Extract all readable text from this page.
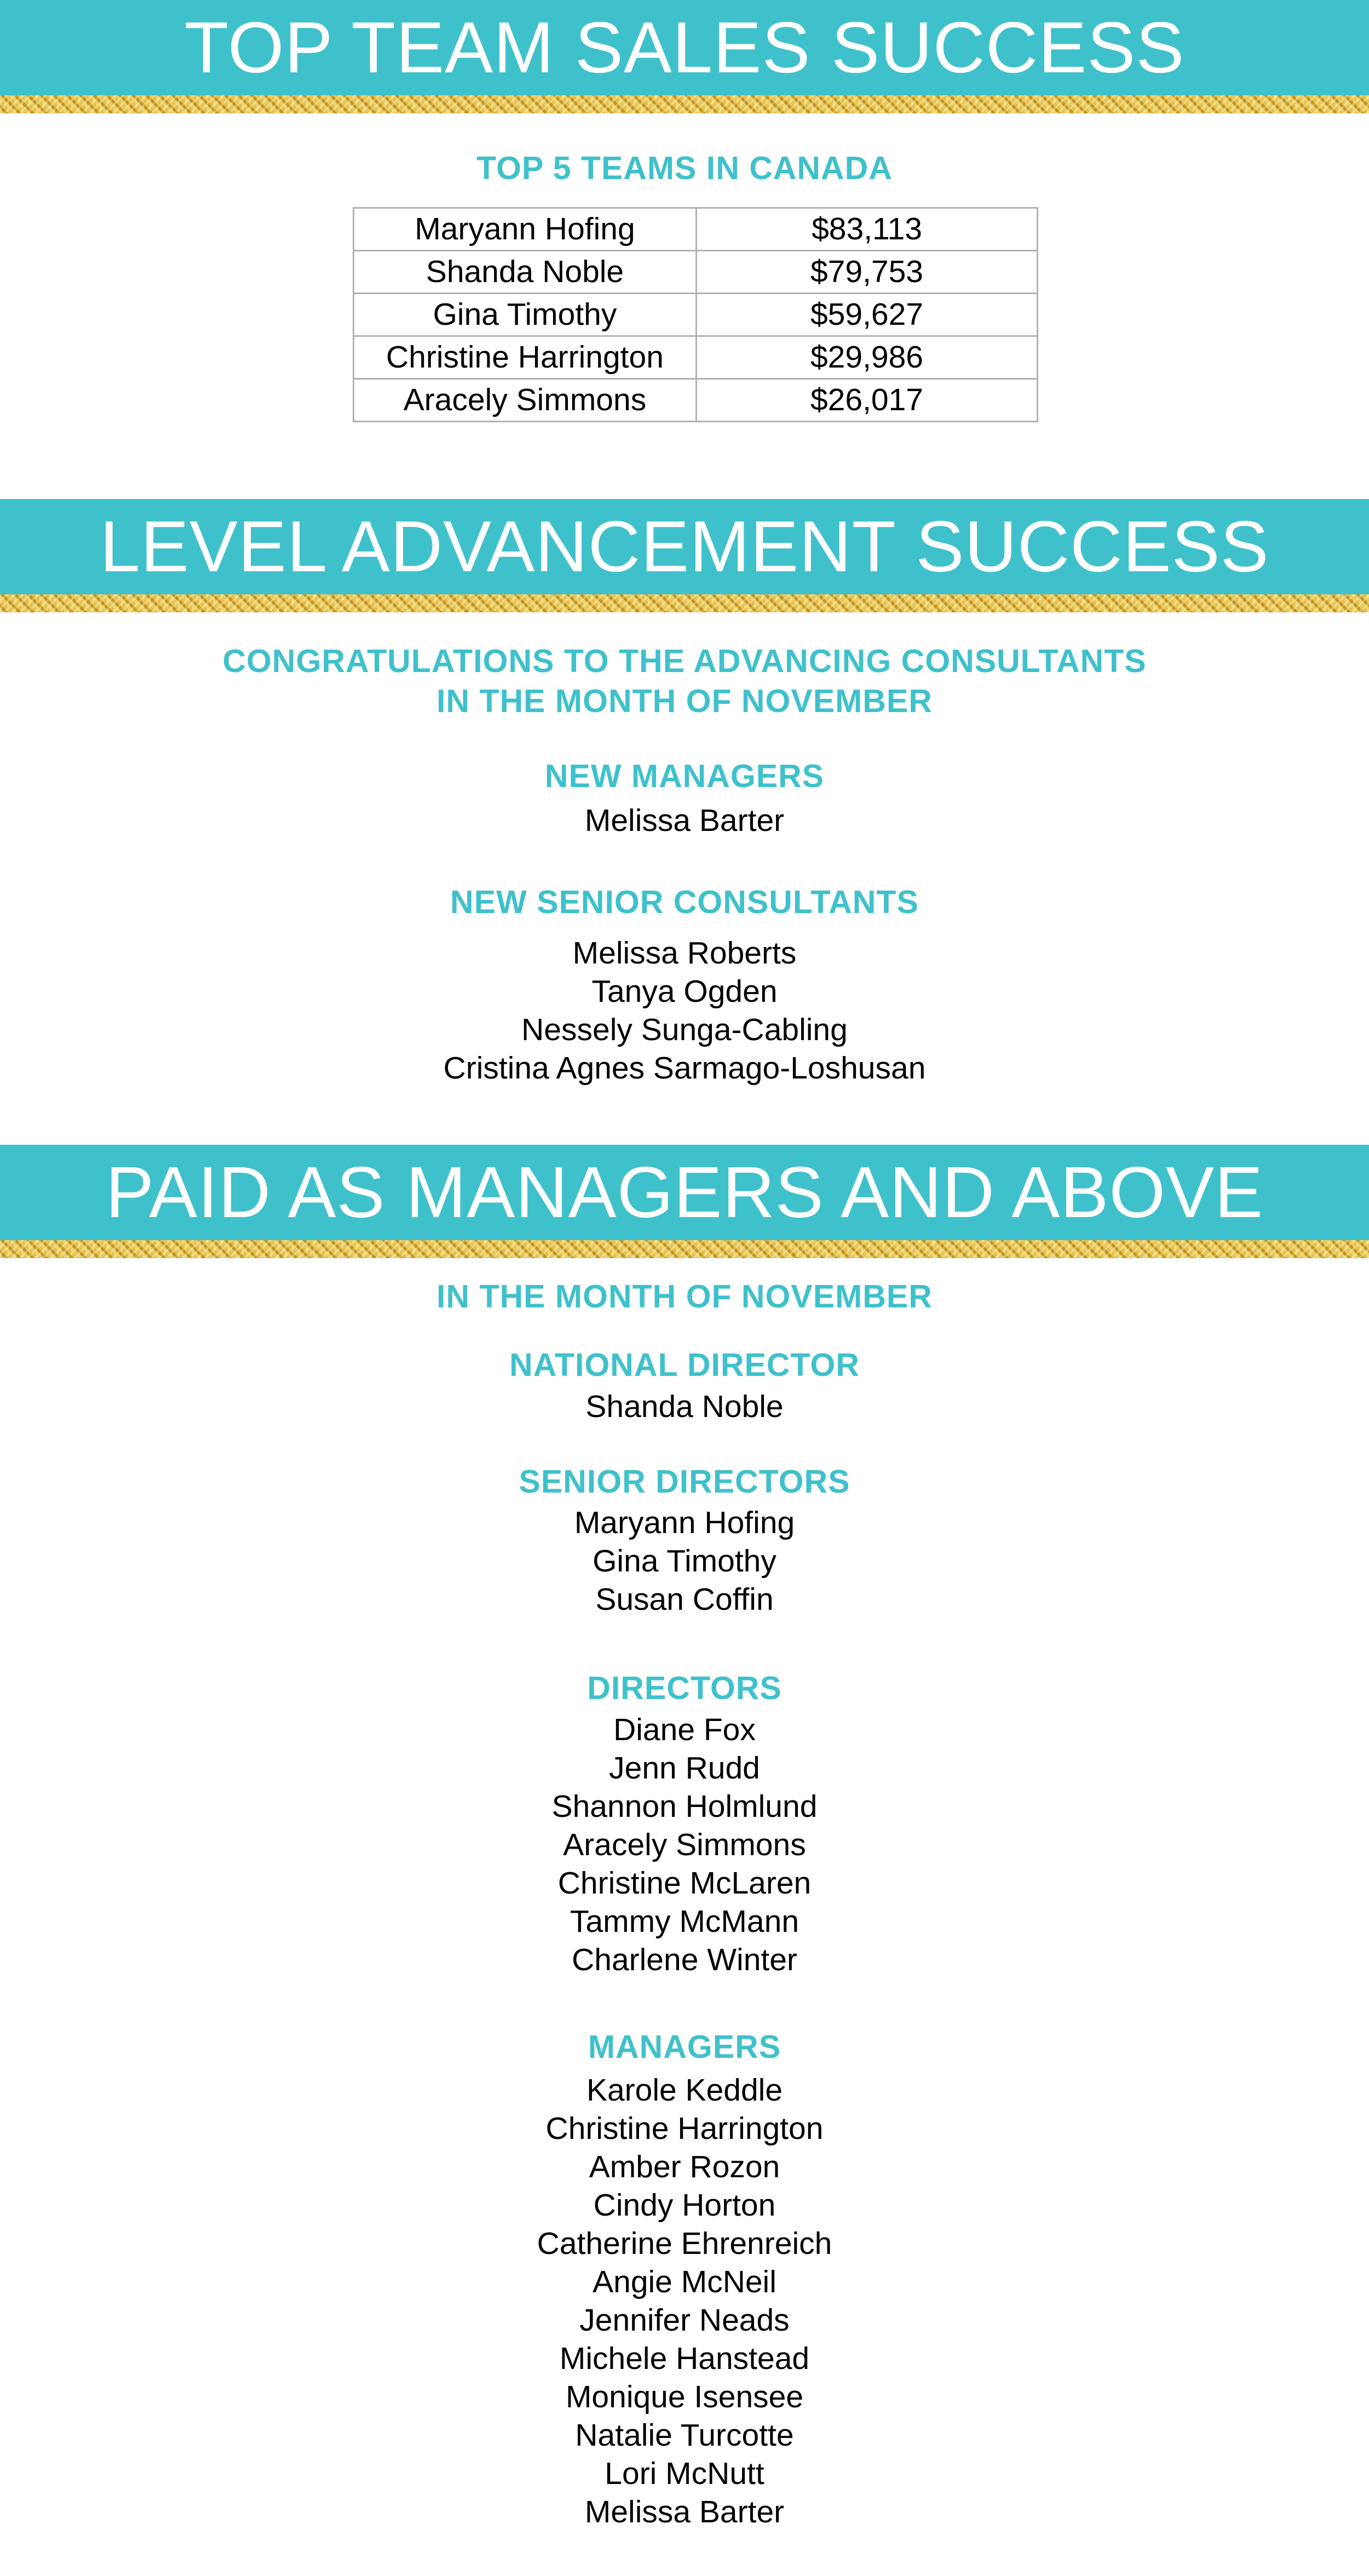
TOP TEAM SALES SUCCESS
TOP 5 TEAMS IN CANADA
Maryann Hofing	$83,113
Shanda Noble	$79,753
Gina Timothy	$59,627
Christine Harrington	$29,986
Aracely Simmons	$26,017
LEVEL ADVANCEMENT SUCCESS
CONGRATULATIONS TO THE ADVANCING CONSULTANTS
IN THE MONTH OF NOVEMBER
NEW MANAGERS
Melissa Barter
NEW SENIOR CONSULTANTS
Melissa Roberts
Tanya Ogden
Nessely Sunga-Cabling
Cristina Agnes Sarmago-Loshusan
PAID AS MANAGERS AND ABOVE
IN THE MONTH OF NOVEMBER
NATIONAL DIRECTOR
Shanda Noble
SENIOR DIRECTORS
Maryann Hofing
Gina Timothy
Susan Coffin
DIRECTORS
Diane Fox
Jenn Rudd
Shannon Holmlund
Aracely Simmons
Christine McLaren
Tammy McMann
Charlene Winter
MANAGERS
Karole Keddle
Christine Harrington
Amber Rozon
Cindy Horton
Catherine Ehrenreich
Angie McNeil
Jennifer Neads
Michele Hanstead
Monique Isensee
Natalie Turcotte
Lori McNutt
Melissa Barter
